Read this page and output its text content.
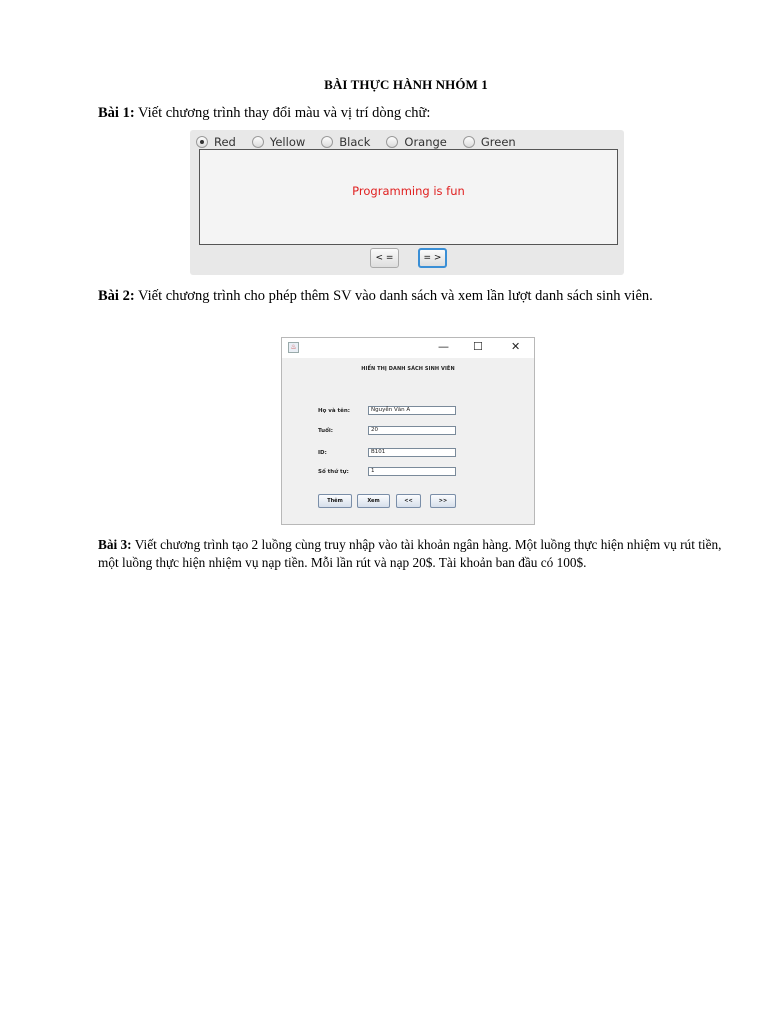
BÀI THỰC HÀNH NHÓM 1
Bài 1: Viết chương trình thay đổi màu và vị trí dòng chữ:
Red	Yellow	Black	Orange	Green
Programming is fun
< =	= >
Bài 2: Viết chương trình cho phép thêm SV vào danh sách và xem lần lượt danh sách sinh viên.
♨	— ☐	✕
HIỂN THỊ DANH SÁCH SINH VIÊN
Họ và tên:	Nguyễn Văn A
Tuổi:	20
ID:	B101
Số thứ tự:	1
Thêm	Xem	<<	>>
Bài 3: Viết chương trình tạo 2 luồng cùng truy nhập vào tài khoản ngân hàng. Một luồng thực hiện nhiệm vụ rút tiền, một luồng thực hiện nhiệm vụ nạp tiền. Mỗi lần rút và nạp 20$. Tài khoản ban đầu có 100$.
